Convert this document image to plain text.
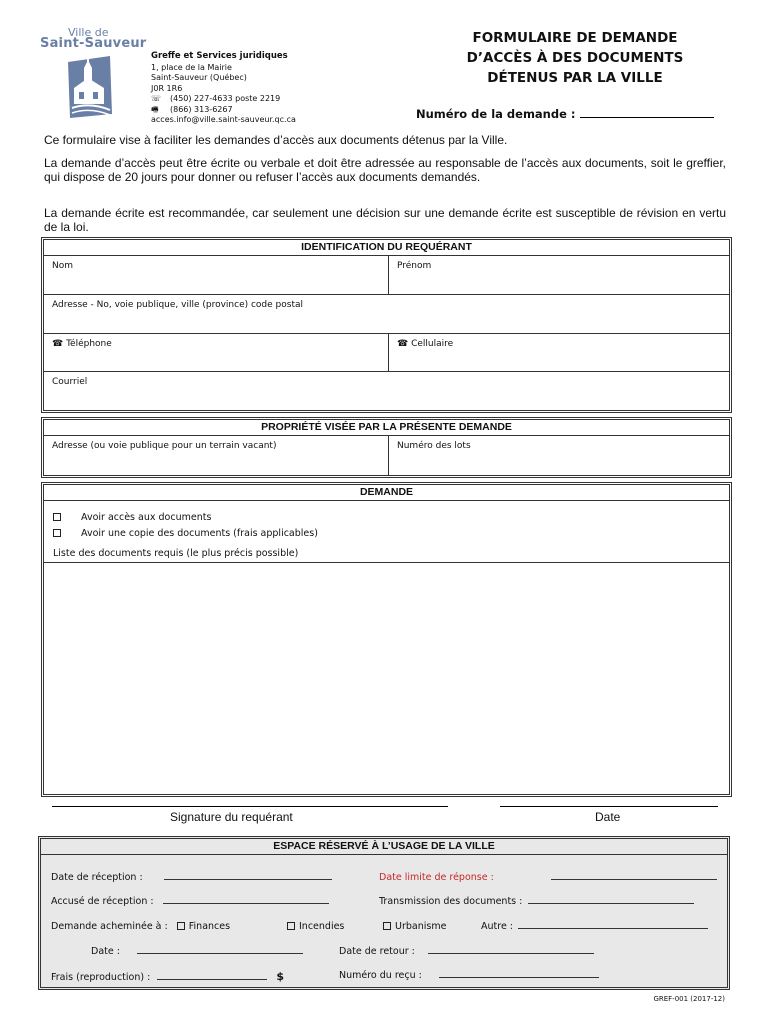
Ville de
Saint-Sauveur
Greffe et Services juridiques
1, place de la Mairie
Saint-Sauveur (Québec)
J0R 1R6
☏ (450) 227-4633 poste 2219
🖷 (866) 313-6267
acces.info@ville.saint-sauveur.qc.ca
FORMULAIRE DE DEMANDE
D’ACCÈS À DES DOCUMENTS
DÉTENUS PAR LA VILLE
Numéro de la demande :
Ce formulaire vise à faciliter les demandes d’accès aux documents détenus par la Ville.
La demande d’accès peut être écrite ou verbale et doit être adressée au responsable de l’accès aux documents, soit le greffier, qui dispose de 20 jours pour donner ou refuser l’accès aux documents demandés.
La demande écrite est recommandée, car seulement une décision sur une demande écrite est susceptible de révision en vertu de la loi.
IDENTIFICATION DU REQUÉRANT
Nom	Prénom
Adresse - No, voie publique, ville (province) code postal
☎ Téléphone	☎ Cellulaire
Courriel
PROPRIÉTÉ VISÉE PAR LA PRÉSENTE DEMANDE
Adresse (ou voie publique pour un terrain vacant)	Numéro des lots
DEMANDE
Avoir accès aux documents
Avoir une copie des documents (frais applicables)
Liste des documents requis (le plus précis possible)
Signature du requérant	Date
ESPACE RÉSERVÉ À L’USAGE DE LA VILLE
Date de réception :	Date limite de réponse :
Accusé de réception :	Transmission des documents :
Demande acheminée à : Finances	Incendies	Urbanisme	Autre :
Date :	Date de retour :
Frais (reproduction) :	$	Numéro du reçu :
GREF-001 (2017-12)
